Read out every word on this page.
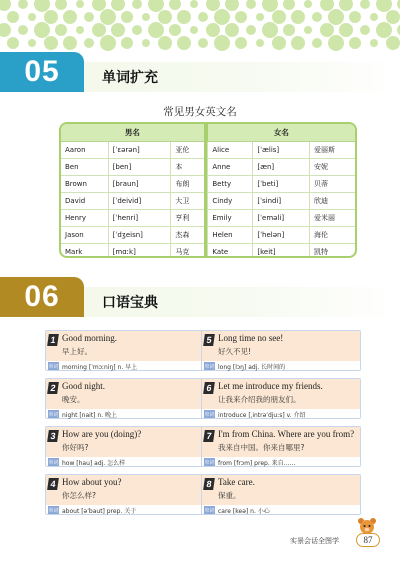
05	单词扩充
常见男女英文名
男名				女名		
Aaron	[ˈɛərən]	亚伦		Alice	[ˈælis]	爱丽斯
Ben	[ben]	本		Anne	[æn]	安妮
Brown	[braun]	布朗		Betty	[ˈbeti]	贝蒂
David	[ˈdeivid]	大卫		Cindy	[ˈsindi]	欣迪
Henry	[ˈhenri]	亨利		Emily	[ˈeməli]	爱米丽
Jason	[ˈdʒeisn]	杰森		Helen	[ˈhelən]	海伦
Mark	[mɑːk]	马克		Kate	[keit]	凯特
06	口语宝典
1 Good morning.
早上好。
单词 morning [ˈmɔːniŋ] n. 早上
2 Good night.
晚安。
单词 night [nait] n. 晚上
3 How are you (doing)?
你好吗?
单词 how [hau] adj. 怎么样
4 How about you?
你怎么样?
单词 about [əˈbaut] prep. 关于
5 Long time no see!
好久不见!
单词 long [lɔŋ] adj. 长时间的
6 Let me introduce my friends.
让我来介绍我的朋友们。
单词 introduce [ˌintrəˈdjuːs] v. 介绍
7 I'm from China. Where are you from?
我来自中国。你来自哪里?
单词 from [frɔm] prep. 来自……
8 Take care.
保重。
单词 care [keə] n. 小心
实景会话全图学	87
